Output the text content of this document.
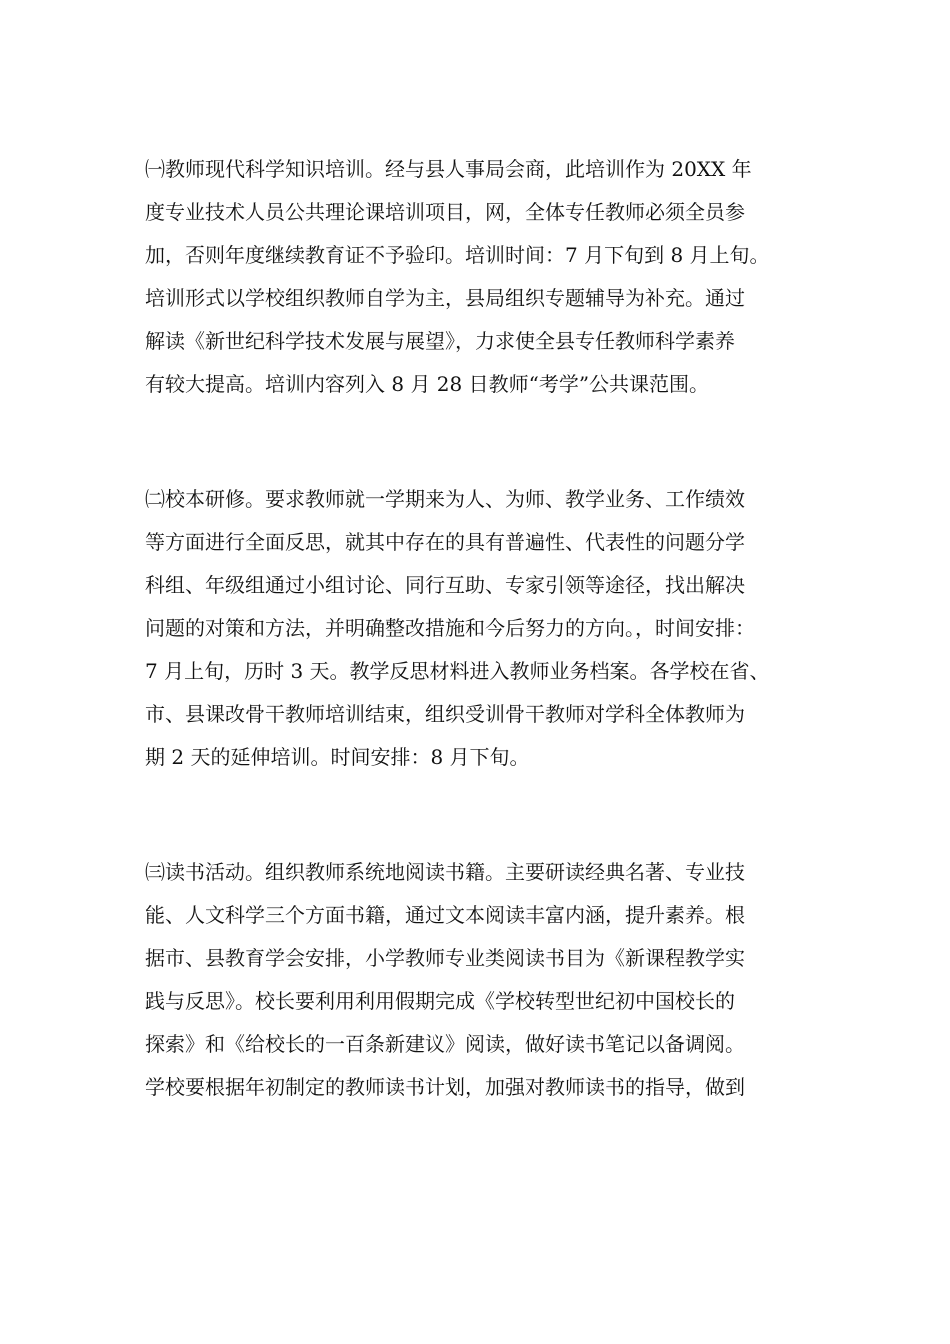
㈠教师现代科学知识培训。经与县人事局会商，此培训作为 20XX 年
度专业技术人员公共理论课培训项目，网，全体专任教师必须全员参
加，否则年度继续教育证不予验印。培训时间：7 月下旬到 8 月上旬。
培训形式以学校组织教师自学为主，县局组织专题辅导为补充。通过
解读《新世纪科学技术发展与展望》，力求使全县专任教师科学素养
有较大提高。培训内容列入 8 月 28 日教师“考学”公共课范围。
㈡校本研修。要求教师就一学期来为人、为师、教学业务、工作绩效
等方面进行全面反思，就其中存在的具有普遍性、代表性的问题分学
科组、年级组通过小组讨论、同行互助、专家引领等途径，找出解决
问题的对策和方法，并明确整改措施和今后努力的方向。，时间安排：
7 月上旬，历时 3 天。教学反思材料进入教师业务档案。各学校在省、
市、县课改骨干教师培训结束，组织受训骨干教师对学科全体教师为
期 2 天的延伸培训。时间安排：8 月下旬。
㈢读书活动。组织教师系统地阅读书籍。主要研读经典名著、专业技
能、人文科学三个方面书籍，通过文本阅读丰富内涵，提升素养。根
据市、县教育学会安排，小学教师专业类阅读书目为《新课程教学实
践与反思》。校长要利用利用假期完成《学校转型世纪初中国校长的
探索》和《给校长的一百条新建议》阅读，做好读书笔记以备调阅。
学校要根据年初制定的教师读书计划，加强对教师读书的指导，做到
